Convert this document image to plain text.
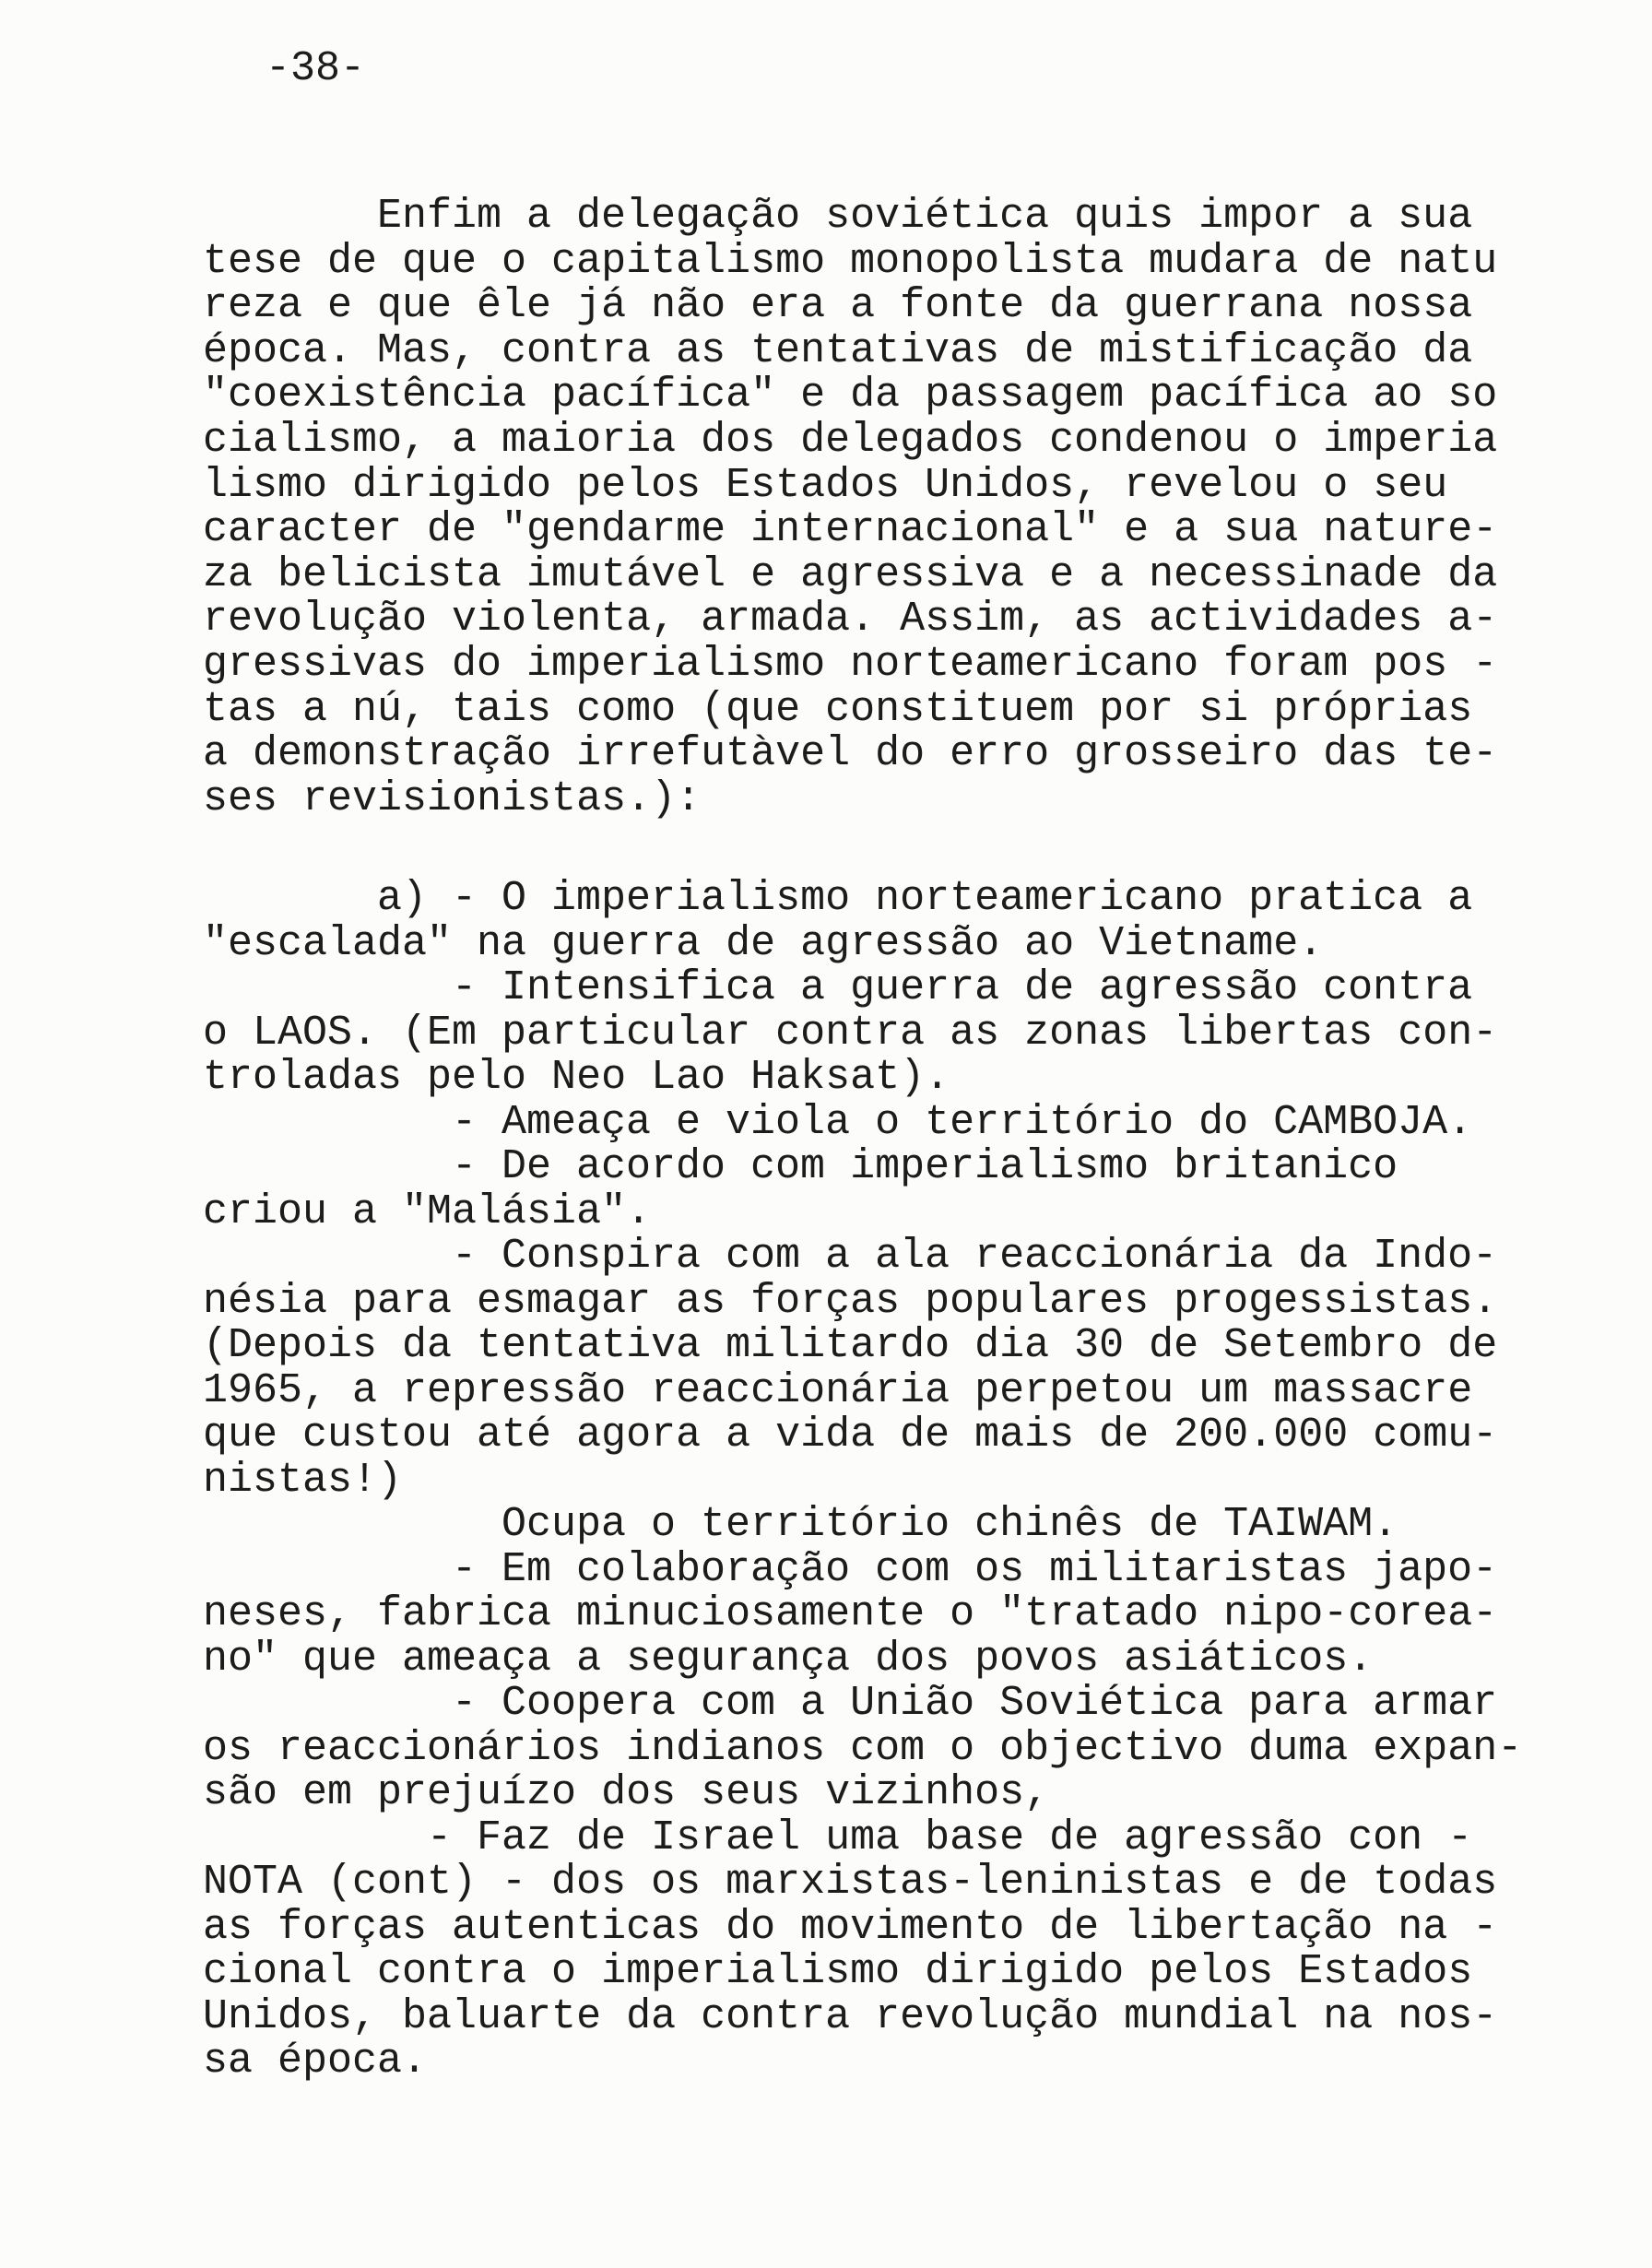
-38-
Enfim a delegação soviética quis impor a sua
tese de que o capitalismo monopolista mudara de natu
reza e que êle já não era a fonte da guerrana nossa
época. Mas, contra as tentativas de mistificação da
"coexistência pacífica" e da passagem pacífica ao so
cialismo, a maioria dos delegados condenou o imperia
lismo dirigido pelos Estados Unidos, revelou o seu
caracter de "gendarme internacional" e a sua nature-
za belicista imutável e agressiva e a necessinade da
revolução violenta, armada. Assim, as actividades a-
gressivas do imperialismo norteamericano foram pos -
tas a nú, tais como (que constituem por si próprias
a demonstração irrefutàvel do erro grosseiro das te-
ses revisionistas.):
a) - O imperialismo norteamericano pratica a
"escalada" na guerra de agressão ao Vietname.
- Intensifica a guerra de agressão contra
o LAOS. (Em particular contra as zonas libertas con-
troladas pelo Neo Lao Haksat).
- Ameaça e viola o território do CAMBOJA.
- De acordo com imperialismo britanico
criou a "Malásia".
- Conspira com a ala reaccionária da Indo-
nésia para esmagar as forças populares progessistas.
(Depois da tentativa militardo dia 30 de Setembro de
1965, a repressão reaccionária perpetou um massacre
que custou até agora a vida de mais de 200.000 comu-
nistas!)
Ocupa o território chinês de TAIWAM.
- Em colaboração com os militaristas japo-
neses, fabrica minuciosamente o "tratado nipo-corea-
no" que ameaça a segurança dos povos asiáticos.
- Coopera com a União Soviética para armar
os reaccionários indianos com o objectivo duma expan-
são em prejuízo dos seus vizinhos,
- Faz de Israel uma base de agressão con -
NOTA (cont) - dos os marxistas-leninistas e de todas
as forças autenticas do movimento de libertação na -
cional contra o imperialismo dirigido pelos Estados
Unidos, baluarte da contra revolução mundial na nos-
sa época.
